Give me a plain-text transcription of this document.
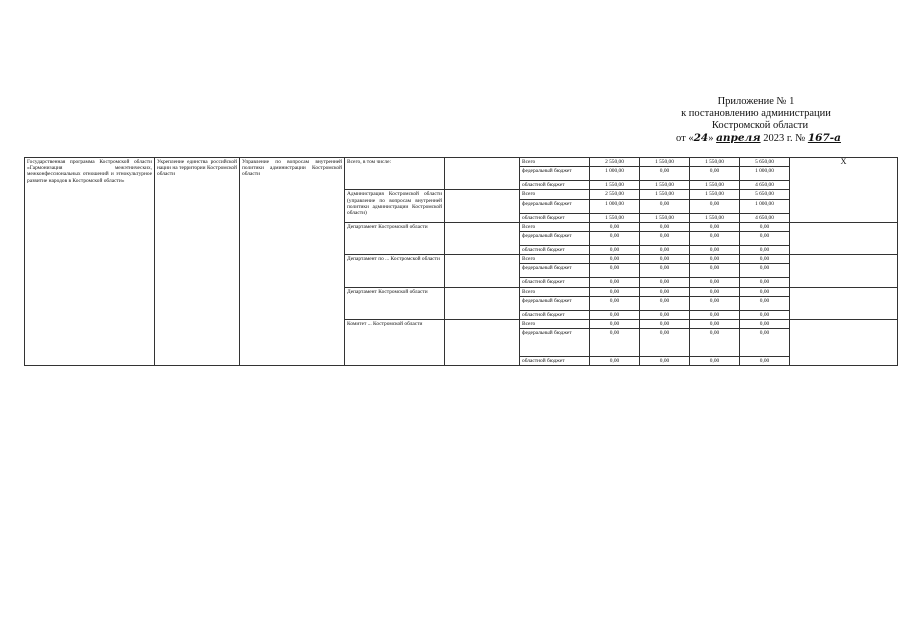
Приложение № 1
к постановлению администрации
Костромской области
от «24» апреля 2023 г. № 167-а
Государственная программа Костромской области «Гармонизация межэтнических, межконфессиональных отношений и этнокультурное развитие народов в Костромской области»	Укрепление единства российской нации на территории Костромской области	Управление по вопросам внутренней политики администрации Костромской области	Всего, в том числе:		Всего	2 550,00	1 550,00	1 550,00	5 650,00	X
					федеральный бюджет	1 000,00	0,00	0,00	1 000,00	
					областной бюджет	1 550,00	1 550,00	1 550,00	4 650,00	
			Администрация Костромской области (управление по вопросам внутренней политики администрации Костромской области)		Всего	2 550,00	1 550,00	1 550,00	5 650,00	
					федеральный бюджет	1 000,00	0,00	0,00	1 000,00	
					областной бюджет	1 550,00	1 550,00	1 550,00	4 650,00	
			Департамент Костромской области		Всего	0,00	0,00	0,00	0,00	
					федеральный бюджет	0,00	0,00	0,00	0,00	
					областной бюджет	0,00	0,00	0,00	0,00	
			Департамент по ... Костромской области		Всего	0,00	0,00	0,00	0,00	
					федеральный бюджет	0,00	0,00	0,00	0,00	
					областной бюджет	0,00	0,00	0,00	0,00	
			Департамент Костромской области		Всего	0,00	0,00	0,00	0,00	
					федеральный бюджет	0,00	0,00	0,00	0,00	
					областной бюджет	0,00	0,00	0,00	0,00	
			Комитет ... Костромской области		Всего	0,00	0,00	0,00	0,00	
					федеральный бюджет	0,00	0,00	0,00	0,00	
					областной бюджет	0,00	0,00	0,00	0,00	
